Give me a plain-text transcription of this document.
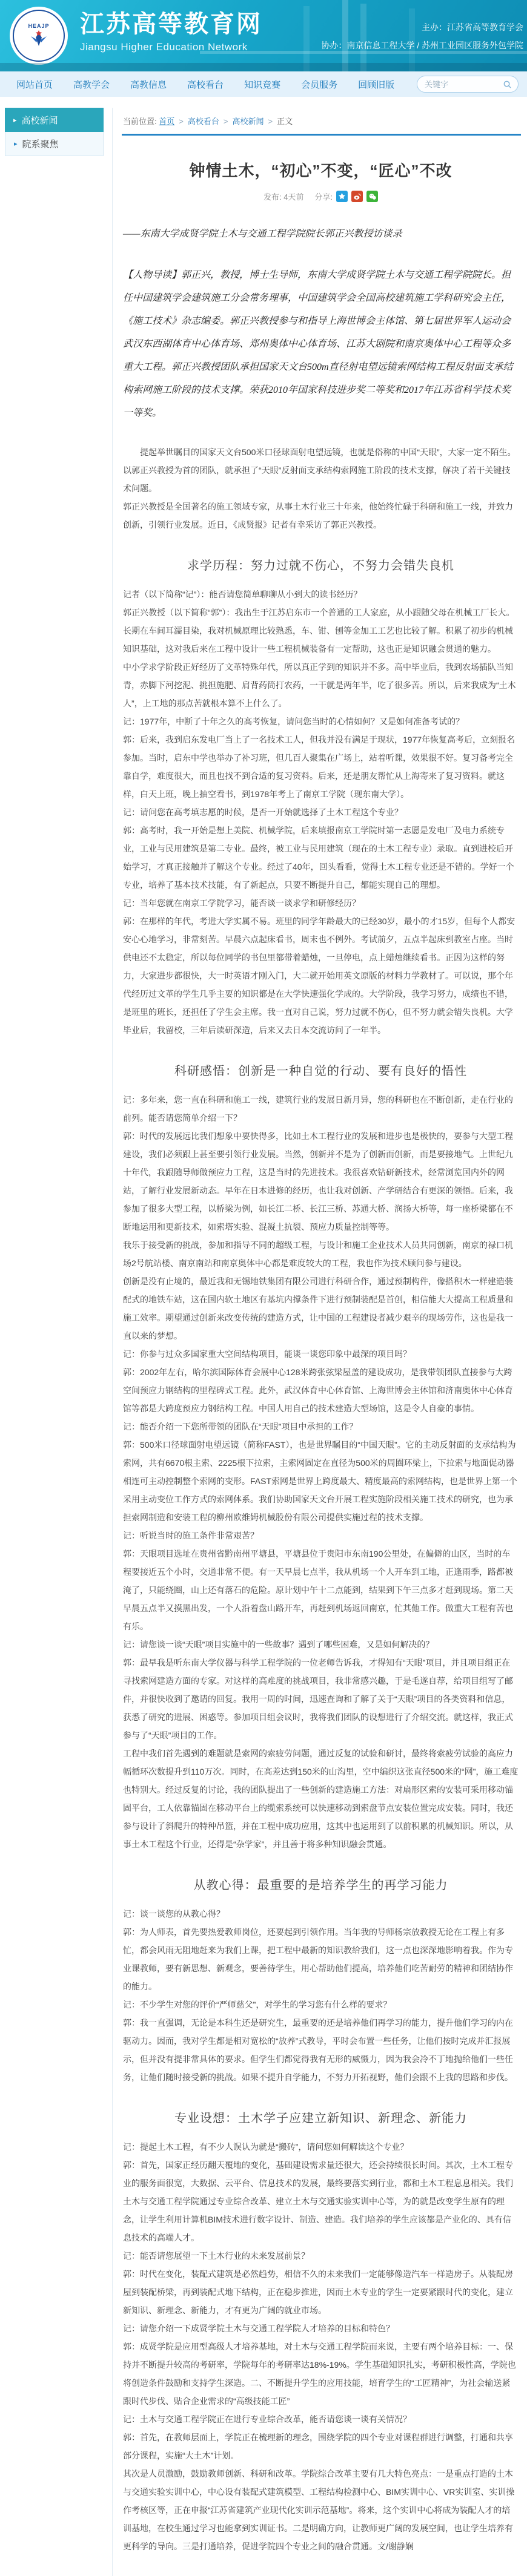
HEAJP 江苏高等教育网
Jiangsu Higher Education Network
主办：江苏省高等教育学会
协办：南京信息工程大学 / 苏州工业园区服务外包学院
网站首页 高教学会 高教信息 高校看台 知识竞赛 会员服务 回顾旧版
关键字
▸ 高校新闻
▸ 院系聚焦
当前位置: 首页 > 高校看台 > 高校新闻 > 正文
钟情土木，“初心”不变，“匠心”不改
发布:
4天前 分享:

——东南大学成贤学院土木与交通工程学院院长郭正兴教授访谈录

【人物导读】郭正兴，教授，博士生导师，东南大学成贤学院土木与交通工程学院院长。担任中国建筑学会建筑施工分会常务理事，中国建筑学会全国高校建筑施工学科研究会主任，《施工技术》杂志编委。郭正兴教授参与和指导上海世博会主体馆、第七届世界军人运动会武汉东西湖体育中心体育场、郑州奥体中心体育场、江苏大剧院和南京奥体中心工程等众多重大工程。郭正兴教授团队承担国家天文台500m直径射电望远镜索网结构工程反射面支承结构索网施工阶段的技术支撑。荣获2010年国家科技进步奖二等奖和2017年江苏省科学技术奖一等奖。

提起举世瞩目的国家天文台500米口径球面射电望远镜，也就是俗称的中国“天眼”，大家一定不陌生。以郭正兴教授为首的团队，就承担了“天眼”反射面支承结构索网施工阶段的技术支撑，解决了若干关键技术问题。

郭正兴教授是全国著名的施工领域专家，从事土木行业三十年来，他始终忙碌于科研和施工一线，并致力创新，引领行业发展。近日，《成贤报》记者有幸采访了郭正兴教授。

求学历程：努力过就不伤心，不努力会错失良机

记者（以下简称“记”）：能否请您简单聊聊从小到大的读书经历？

郭正兴教授（以下简称“郭”）：我出生于江苏启东市一个普通的工人家庭，从小跟随父母在机械工厂长大。长期在车间耳濡目染，我对机械原理比较熟悉，车、钳、刨等金加工工艺也比较了解。积累了初步的机械知识基础，这对我后来在工程中设计一些工程机械装备有一定帮助，这也正是知识融会贯通的魅力。

中小学求学阶段正好经历了文革特殊年代，所以真正学到的知识并不多。高中毕业后，我到农场插队当知青，赤脚下河挖泥、挑担施肥、肩背药筒打农药，一干就是两年半，吃了很多苦。所以，后来我成为“土木人”，上工地的那点苦就根本算不上什么了。

记：1977年，中断了十年之久的高考恢复，请问您当时的心情如何？又是如何准备考试的？

郭：后来，我到启东发电厂当上了一名技术工人，但我并没有满足于现状，1977年恢复高考后，立刻报名参加。当时，启东中学也举办了补习班，但几百人聚集在广场上，站着听课，效果很不好。复习备考完全靠自学，难度很大，而且也找不到合适的复习资料。后来，还是朋友帮忙从上海寄来了复习资料。就这样，白天上班，晚上抽空看书，到1978年考上了南京工学院（现东南大学）。

记：请问您在高考填志愿的时候，是否一开始就选择了土木工程这个专业？

郭：高考时，我一开始是想上美院、机械学院，后来填报南京工学院时第一志愿是发电厂及电力系统专业，工业与民用建筑是第二专业。最终，被工业与民用建筑（现在的土木工程专业）录取。直到进校后开始学习，才真正接触并了解这个专业。经过了40年，回头看看，觉得土木工程专业还是不错的。学好一个专业，培养了基本技术技能，有了新起点，只要不断提升自己，都能实现自己的理想。

记：当年您就在南京工学院学习，能否谈一谈求学和研修经历？

郭：在那样的年代，考进大学实属不易。班里的同学年龄最大的已经30岁，最小的才15岁，但每个人都安安心心地学习，非常刻苦。早晨六点起床看书，周末也不例外。考试前夕，五点半起床到教室占座。当时供电还不太稳定，所以每位同学的书包里都带着蜡烛，一旦停电，点上蜡烛继续看书。正因为这样的努力，大家进步都很快，大一时英语才刚入门，大二就开始用英文原版的材料力学教材了。可以说，那个年代经历过文革的学生几乎主要的知识都是在大学快速强化学成的。大学阶段，我学习努力，成绩也不错，是班里的班长，还担任了学生会主席。我一直对自己说，努力过就不伤心，但不努力就会错失良机。大学毕业后，我留校，三年后读研深造，后来又去日本交流访问了一年半。

科研感悟：创新是一种自觉的行动、要有良好的悟性

记：多年来，您一直在科研和施工一线，建筑行业的发展日新月异，您的科研也在不断创新，走在行业的前列。能否请您简单介绍一下？

郭：时代的发展远比我们想象中要快得多，比如土木工程行业的发展和进步也是极快的，要参与大型工程建设，我们必须跟上甚至要引领行业发展。当然，创新并不是为了创新而创新，而是要接地气。上世纪九十年代，我跟随导师做预应力工程，这是当时的先进技术。我很喜欢钻研新技术，经常浏览国内外的网站，了解行业发展新动态。早年在日本进修的经历，也让我对创新、产学研结合有更深的领悟。后来，我参加了很多大型工程，以桥梁为例，如长江二桥、长江三桥、苏通大桥、润扬大桥等，每一座桥梁都在不断地运用和更新技术，如索塔实验、混凝土抗裂、预应力质量控制等等。

我乐于接受新的挑战，参加和指导不同的超级工程，与设计和施工企业技术人员共同创新，南京的禄口机场2号航站楼、南京南站和南京奥体中心都是难度较大的工程，我也作为技术顾问参与建设。

创新是没有止境的，最近我和无锡地铁集团有限公司进行科研合作，通过预制构件，像搭积木一样建造装配式的地铁车站，这在国内软土地区有基坑内撑条件下进行预制装配是首创，相信能大大提高工程质量和施工效率。期望通过创新来改变传统的建造方式，让中国的工程建设者减少艰辛的现场劳作，这也是我一直以来的梦想。

记：你参与过众多国家重大空间结构项目，能谈一谈您印象中最深的项目吗？

郭：2002年左右，哈尔滨国际体育会展中心128米跨张弦梁屋盖的建设成功，是我带领团队直接参与大跨空间预应力钢结构的里程碑式工程。此外，武汉体育中心体育馆、上海世博会主体馆和济南奥体中心体育馆等都是大跨度预应力钢结构工程。中国人用自己的技术建造大型场馆，这是令人自豪的事情。

记：能否介绍一下您所带领的团队在“天眼”项目中承担的工作？

郭：500米口径球面射电望远镜（简称FAST），也是世界瞩目的“中国天眼”。它的主动反射面的支承结构为索网，共有6670根主索、2225根下拉索，主索网固定在直径为500米的周圈环梁上，下拉索与地面促动器相连可主动控制整个索网的变形。FAST索网是世界上跨度最大、精度最高的索网结构，也是世界上第一个采用主动变位工作方式的索网体系。我们协助国家天文台开展工程实施阶段相关施工技术的研究，也为承担索网制造和安装工程的柳州欧维姆机械股份有限公司提供实施过程的技术支撑。

记：听说当时的施工条件非常艰苦？

郭：天眼项目选址在贵州省黔南州平塘县，平塘县位于贵阳市东南190公里处，在偏僻的山区，当时的车程要接近五个小时，交通非常不便。有一天早晨七点半，我从机场一个人开车到工地，正逢雨季，路都被淹了，只能绕圈，山上还有落石的危险。原计划中午十二点能到，结果到下午三点多才赶到现场。第二天早晨五点半又摸黑出发，一个人沿着盘山路开车，再赶到机场返回南京，忙其他工作。做重大工程有苦也有乐。

记：请您谈一谈“天眼”项目实施中的一些故事？遇到了哪些困难，又是如何解决的？

郭：最早我是听东南大学仪器与科学工程学院的一位老师告诉我，才得知有“天眼”项目，并且项目组正在寻找索网建造方面的专家。对这样的高难度的挑战项目，我非常感兴趣，于是毛遂自荐，给项目组写了邮件，并很快收到了邀请的回复。我用一周的时间，迅速查询和了解了关于“天眼”项目的各类资料和信息，获悉了研究的进展、困惑等。参加项目组会议时，我将我们团队的设想进行了介绍交流。就这样，我正式参与了“天眼”项目的工作。

工程中我们首先遇到的难题就是索网的索疲劳问题，通过反复的试验和研讨，最终将索疲劳试验的高应力幅循环次数提升到110万次。同时，在高差达到150米的山沟里，空中编织这张直径500米的“网”，施工难度也特别大。经过反复的讨论，我的团队提出了一些创新的建造施工方法：对扇形区索的安装可采用移动锚固平台，工人依靠锚固在移动平台上的缆索系统可以快速移动到索盘节点安装位置完成安装。同时，我还参与设计了斜爬升的特种吊篮，并在工程中成功应用，这其中也运用到了以前积累的机械知识。所以，从事土木工程这个行业，还得是“杂学家”，并且善于将多种知识融会贯通。

从教心得：最重要的是培养学生的再学习能力

记：谈一谈您的从教心得？

郭：为人师表，首先要热爱教师岗位，还要起到引领作用。当年我的导师杨宗放教授无论在工程上有多忙，都会风雨无阻地赶来为我们上课，把工程中最新的知识教给我们，这一点也深深地影响着我。作为专业课教师，要有新思想、新观念，要善待学生，用心帮助他们提高，培养他们吃苦耐劳的精神和团结协作的能力。

记：不少学生对您的评价“严师慈父”，对学生的学习您有什么样的要求？

郭：我一直强调，无论是本科生还是研究生，最重要的还是培养他们再学习的能力，提升他们学习的内在驱动力。因而，我对学生都是相对宽松的“放养”式教导，平时会布置一些任务，让他们按时完成并汇报展示，但并没有提非常具体的要求。但学生们都觉得我有无形的威慑力，因为我会冷不丁地抛给他们一些任务，让他们随时接受新的挑战。如果不提升自学能力，不努力开拓视野，他们会跟不上我的思路和步伐。

专业设想：土木学子应建立新知识、新理念、新能力

记：提起土木工程，有不少人误认为就是“搬砖”，请问您如何解读这个专业？

郭：首先，国家正经历翻天覆地的变化，基础建设需求量还很大，还会持续很长时间。其次，土木工程专业的服务面很宽，大数据、云平台、信息技术的发展，最终要落实到行业，都和土木工程息息相关。我们土木与交通工程学院通过专业综合改革、建立土木与交通实验实训中心等，为的就是改变学生原有的理念，让学生利用计算机BIM技术进行数字设计、制造、建造。我们培养的学生应该都是产业化的、具有信息技术的高端人才。

记：能否请您展望一下土木行业的未来发展前景？

郭：时代在变化，装配式建筑是必然趋势，相信不久的未来我们一定能够像造汽车一样造房子。从装配房屋到装配桥梁，再到装配式地下结构，正在稳步推进，因而土木专业的学生一定要紧跟时代的变化，建立新知识、新理念、新能力，才有更为广阔的就业市场。

记：请您介绍一下成贤学院土木与交通工程学院人才培养的目标和特色？

郭：成贤学院是应用型高级人才培养基地，对土木与交通工程学院而来说，主要有两个培养目标：一、保持并不断提升较高的考研率，学院每年的考研率达18%-19%。学生基础知识扎实，考研积极性高，学院也将创造条件鼓励和支持学生深造。二、不断提升学生的应用技能，培育学生的“工匠精神”，为社会输送紧跟时代步伐、贴合企业需求的“高级技能工匠”

记：土木与交通工程学院正在进行专业综合改革，能否请您谈一谈有关情况？

郭：首先，在教师层面上，学院正在梳理新的理念，围绕学院的四个专业对课程群进行调整，打通和共享部分课程，实施“大土木”计划。

其次是人员激励，鼓励教师创新、科研和改革。学院综合改革主要有几大特色亮点：一是重点打造的土木与交通实验实训中心，中心设有装配式建筑模型、工程结构检测中心、BIM实训中心、VR实训室、实训操作考核区等，正在申报“江苏省建筑产业现代化实训示范基地”。将来，这个实训中心将成为装配人才的培训基地，在校生通过学习也能拿到实训证书。二是明确方向，让教师更广阔的发展空间，也让学生培养有更科学的导向。三是打通培养，促进学院四个专业之间的融合贯通。文/谢静娴
